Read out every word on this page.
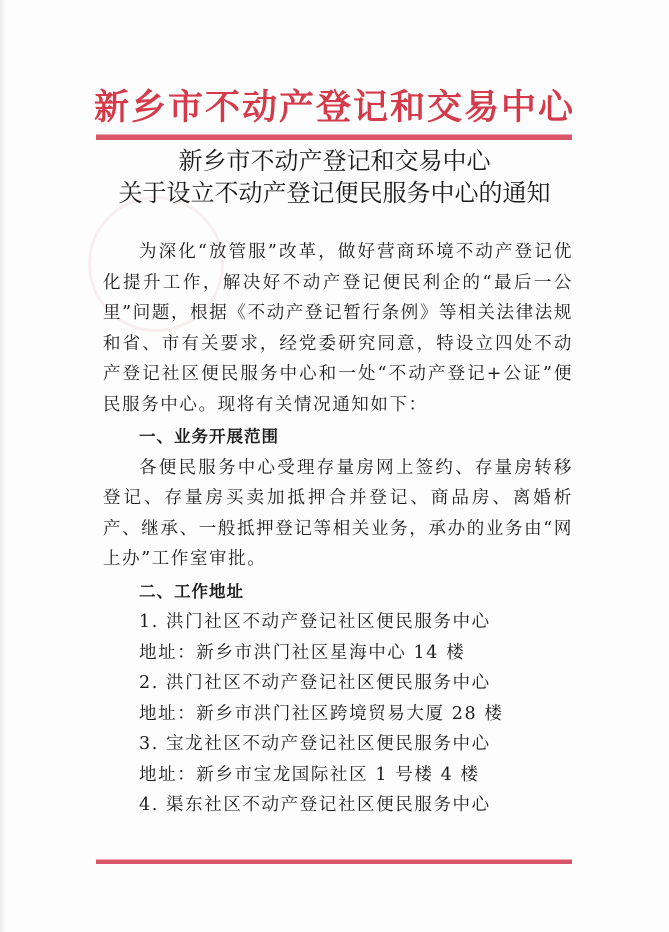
新乡市不动产登记和交易中心
新乡市不动产登记和交易中心
关于设立不动产登记便民服务中心的通知

为深化“放管服”改革，做好营商环境不动产登记优化提升工作，解决好不动产登记便民利企的“最后一公里”问题，根据《不动产登记暂行条例》等相关法律法规和省、市有关要求，经党委研究同意，特设立四处不动产登记社区便民服务中心和一处“不动产登记+公证”便民服务中心。现将有关情况通知如下：

一、业务开展范围

各便民服务中心受理存量房网上签约、存量房转移登记、存量房买卖加抵押合并登记、商品房、离婚析产、继承、一般抵押登记等相关业务，承办的业务由“网上办”工作室审批。

二、工作地址

1. 洪门社区不动产登记社区便民服务中心

地址：新乡市洪门社区星海中心 14 楼

2. 洪门社区不动产登记社区便民服务中心

地址：新乡市洪门社区跨境贸易大厦 28 楼

3. 宝龙社区不动产登记社区便民服务中心

地址：新乡市宝龙国际社区 1 号楼 4 楼

4. 渠东社区不动产登记社区便民服务中心
